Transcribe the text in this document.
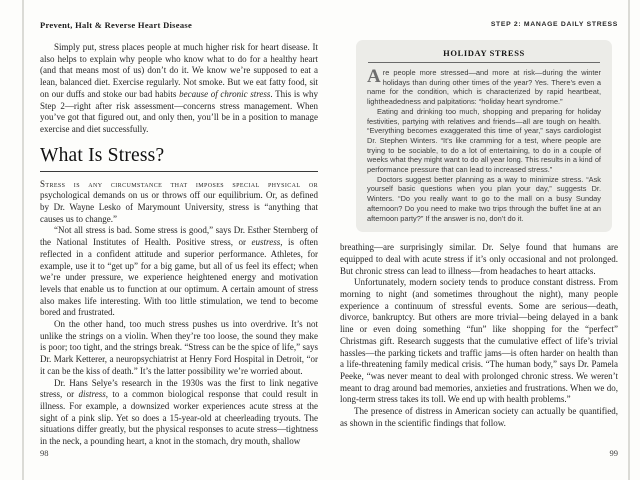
Prevent, Halt & Reverse Heart Disease	STEP 2: MANAGE DAILY STRESS

Simply put, stress places people at much higher risk for heart disease. It also helps to explain why people who know what to do for a healthy heart (and that means most of us) don’t do it. We know we’re supposed to eat a lean, balanced diet. Exercise regularly. Not smoke. But we eat fatty food, sit on our duffs and stoke our bad habits because of chronic stress. This is why Step 2—right after risk assessment—concerns stress management. When you’ve got that figured out, and only then, you’ll be in a position to manage exercise and diet successfully.

What Is Stress?

Stress is any circumstance that imposes special physical or psychological demands on us or throws off our equilibrium. Or, as defined by Dr. Wayne Lesko of Marymount University, stress is “anything that causes us to change.”

“Not all stress is bad. Some stress is good,” says Dr. Esther Sternberg of the National Institutes of Health. Positive stress, or eustress, is often reflected in a confident attitude and superior performance. Athletes, for example, use it to “get up” for a big game, but all of us feel its effect; when we’re under pressure, we experience heightened energy and motivation levels that enable us to function at our optimum. A certain amount of stress also makes life interesting. With too little stimulation, we tend to become bored and frustrated.

On the other hand, too much stress pushes us into overdrive. It’s not unlike the strings on a violin. When they’re too loose, the sound they make is poor; too tight, and the strings break. “Stress can be the spice of life,” says Dr. Mark Ketterer, a neuropsychiatrist at Henry Ford Hospital in Detroit, “or it can be the kiss of death.” It’s the latter possibility we’re worried about.

Dr. Hans Selye’s research in the 1930s was the first to link negative stress, or distress, to a common biological response that could result in illness. For example, a downsized worker experiences acute stress at the sight of a pink slip. Yet so does a 15-year-old at cheerleading tryouts. The situations differ greatly, but the physical responses to acute stress—tightness in the neck, a pounding heart, a knot in the stomach, dry mouth, shallow

HOLIDAY STRESS

Are people more stressed—and more at risk—during the winter holidays than during other times of the year? Yes. There’s even a name for the condition, which is characterized by rapid heartbeat, lightheadedness and palpitations: “holiday heart syndrome.”

Eating and drinking too much, shopping and preparing for holiday festivities, partying with relatives and friends—all are tough on health. “Everything becomes exaggerated this time of year,” says cardiologist Dr. Stephen Winters. “It’s like cramming for a test, where people are trying to be sociable, to do a lot of entertaining, to do in a couple of weeks what they might want to do all year long. This results in a kind of performance pressure that can lead to increased stress.”

Doctors suggest better planning as a way to minimize stress. “Ask yourself basic questions when you plan your day,” suggests Dr. Winters. “Do you really want to go to the mall on a busy Sunday afternoon? Do you need to make two trips through the buffet line at an afternoon party?” If the answer is no, don’t do it.

breathing—are surprisingly similar. Dr. Selye found that humans are equipped to deal with acute stress if it’s only occasional and not prolonged. But chronic stress can lead to illness—from headaches to heart attacks.

Unfortunately, modern society tends to produce constant distress. From morning to night (and sometimes throughout the night), many people experience a continuum of stressful events. Some are serious—death, divorce, bankruptcy. But others are more trivial—being delayed in a bank line or even doing something “fun” like shopping for the “perfect” Christmas gift. Research suggests that the cumulative effect of life’s trivial hassles—the parking tickets and traffic jams—is often harder on health than a life-threatening family medical crisis. “The human body,” says Dr. Pamela Peeke, “was never meant to deal with prolonged chronic stress. We weren’t meant to drag around bad memories, anxieties and frustrations. When we do, long-term stress takes its toll. We end up with health problems.”

The presence of distress in American society can actually be quantified, as shown in the scientific findings that follow.

98	99
